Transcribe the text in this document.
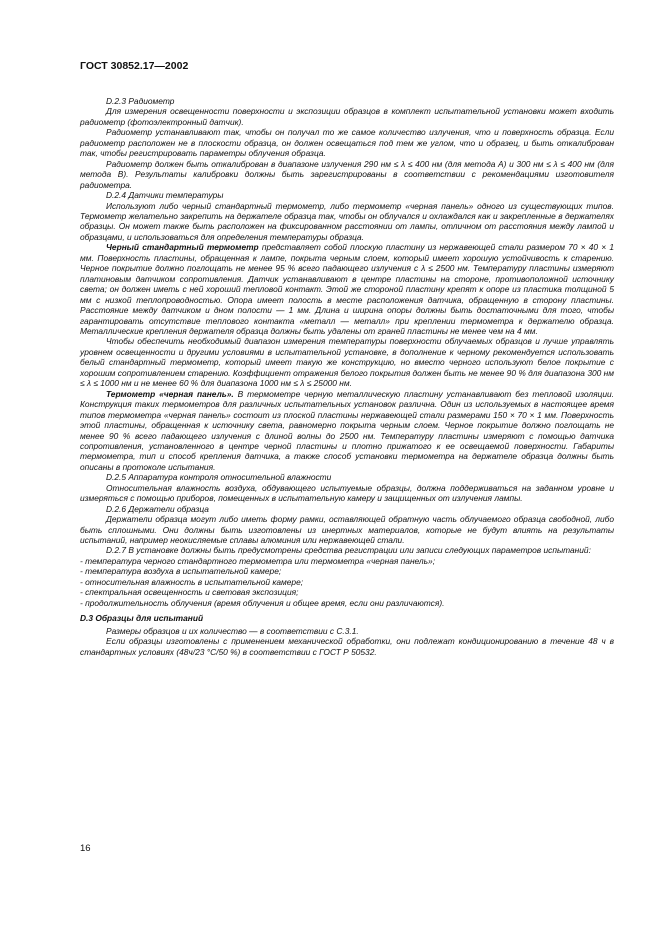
ГОСТ 30852.17—2002

D.2.3 Радиометр

Для измерения освещенности поверхности и экспозиции образцов в комплект испытательной установки может входить радиометр (фотоэлектронный датчик).

Радиометр устанавливают так, чтобы он получал то же самое количество излучения, что и поверхность образца. Если радиометр расположен не в плоскости образца, он должен освещаться под тем же углом, что и образец, и быть откалиброван так, чтобы регистрировать параметры облучения образца.

Радиометр должен быть откалиброван в диапазоне излучения 290 нм ≤ λ ≤ 400 нм (для метода А) и 300 нм ≤ λ ≤ 400 нм (для метода В). Результаты калибровки должны быть зарегистрированы в соответствии с рекомендациями изготовителя радиометра.

D.2.4 Датчики температуры

Используют либо черный стандартный термометр, либо термометр «черная панель» одного из существующих типов. Термометр желательно закрепить на держателе образца так, чтобы он облучался и охлаждался как и закрепленные в держателях образцы. Он может также быть расположен на фиксированном расстоянии от лампы, отличном от расстояния между лампой и образцами, и использоваться для определения температуры образца.

Черный стандартный термометр представляет собой плоскую пластину из нержавеющей стали размером 70 × 40 × 1 мм. Поверхность пластины, обращенная к лампе, покрыта черным слоем, который имеет хорошую устойчивость к старению. Черное покрытие должно поглощать не менее 95 % всего падающего излучения с λ ≤ 2500 нм. Температуру пластины измеряют платиновым датчиком сопротивления. Датчик устанавливают в центре пластины на стороне, противоположной источнику света; он должен иметь с ней хороший тепловой контакт. Этой же стороной пластину крепят к опоре из пластика толщиной 5 мм с низкой теплопроводностью. Опора имеет полость в месте расположения датчика, обращенную в сторону пластины. Расстояние между датчиком и дном полости — 1 мм. Длина и ширина опоры должны быть достаточными для того, чтобы гарантировать отсутствие теплового контакта «металл — металл» при креплении термометра к держателю образца. Металлические крепления держателя образца должны быть удалены от граней пластины не менее чем на 4 мм.

Чтобы обеспечить необходимый диапазон измерения температуры поверхности облучаемых образцов и лучше управлять уровнем освещенности и другими условиями в испытательной установке, в дополнение к черному рекомендуется использовать белый стандартный термометр, который имеет такую же конструкцию, но вместо черного используют белое покрытие с хорошим сопротивлением старению. Коэффициент отражения белого покрытия должен быть не менее 90 % для диапазона 300 нм ≤ λ ≤ 1000 нм и не менее 60 % для диапазона 1000 нм ≤ λ ≤ 25000 нм.

Термометр «черная панель». В термометре черную металлическую пластину устанавливают без тепловой изоляции. Конструкция таких термометров для различных испытательных установок различна. Один из используемых в настоящее время типов термометра «черная панель» состоит из плоской пластины нержавеющей стали размерами 150 × 70 × 1 мм. Поверхность этой пластины, обращенная к источнику света, равномерно покрыта черным слоем. Черное покрытие должно поглощать не менее 90 % всего падающего излучения с длиной волны до 2500 нм. Температуру пластины измеряют с помощью датчика сопротивления, установленного в центре черной пластины и плотно прижатого к ее освещаемой поверхности. Габариты термометра, тип и способ крепления датчика, а также способ установки термометра на держателе образца должны быть описаны в протоколе испытания.

D.2.5 Аппаратура контроля относительной влажности

Относительная влажность воздуха, обдувающего испытуемые образцы, должна поддерживаться на заданном уровне и измеряться с помощью приборов, помещенных в испытательную камеру и защищенных от излучения лампы.

D.2.6 Держатели образца

Держатели образца могут либо иметь форму рамки, оставляющей обратную часть облучаемого образца свободной, либо быть сплошными. Они должны быть изготовлены из инертных материалов, которые не будут влиять на результаты испытаний, например неокисляемые сплавы алюминия или нержавеющей стали.

D.2.7 В установке должны быть предусмотрены средства регистрации или записи следующих параметров испытаний:

- температура черного стандартного термометра или термометра «черная панель»;

- температура воздуха в испытательной камере;

- относительная влажность в испытательной камере;

- спектральная освещенность и световая экспозиция;

- продолжительность облучения (время облучения и общее время, если они различаются).

D.3 Образцы для испытаний

Размеры образцов и их количество — в соответствии с С.3.1.

Если образцы изготовлены с применением механической обработки, они подлежат кондиционированию в течение 48 ч в стандартных условиях (48ч/23 °С/50 %) в соответствии с ГОСТ Р 50532.

16
